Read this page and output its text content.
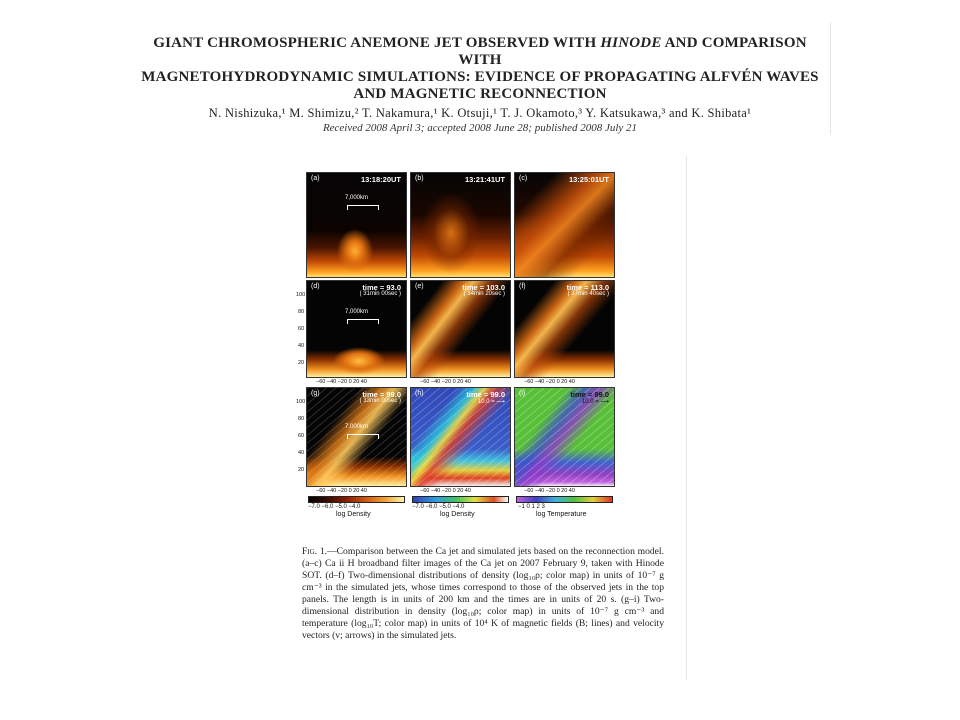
GIANT CHROMOSPHERIC ANEMONE JET OBSERVED WITH HINODE AND COMPARISON WITH
MAGNETOHYDRODYNAMIC SIMULATIONS: EVIDENCE OF PROPAGATING ALFVÉN WAVES
AND MAGNETIC RECONNECTION
N. Nishizuka,¹ M. Shimizu,² T. Nakamura,¹ K. Otsuji,¹ T. J. Okamoto,³ Y. Katsukawa,³ and K. Shibata¹
Received 2008 April 3; accepted 2008 June 28; published 2008 July 21
(a)	13:18:20UT
7,000km
(b)	13:21:41UT (c)	13:25:01UT
100
80
60
40
20
(d)	time = 93.0
( 31min 00sec )
7,000km
(e)	time = 103.0
( 34min 20sec )
(f)	time = 113.0
( 37min 40sec )
−60 −40 −20 0 20 40	−60 −40 −20 0 20 40	−60 −40 −20 0 20 40
100
80
60
40
20
(g)	time = 99.0
( 33min 00sec )
7,000km
(h)	time = 99.0
10.0 = ⟶
(i)	time = 99.0
10.0 = ⟶
−60 −40 −20 0 20 40	−60 −40 −20 0 20 40	−60 −40 −20 0 20 40
−7.0 −6.0 −5.0 −4.0
log Density
−7.0 −6.0 −5.0 −4.0
log Density
−1 0 1 2 3
log Temperature
Fig. 1.—Comparison between the Ca jet and simulated jets based on the reconnection model. (a–c) Ca ii H broadband filter images of the Ca jet on 2007 February 9, taken with Hinode SOT. (d–f) Two-dimensional distributions of density (log₁₀ρ; color map) in units of 10⁻⁷ g cm⁻³ in the simulated jets, whose times correspond to those of the observed jets in the top panels. The length is in units of 200 km and the times are in units of 20 s. (g–i) Two-dimensional distribution in density (log₁₀ρ; color map) in units of 10⁻⁷ g cm⁻³ and temperature (log₁₀T; color map) in units of 10⁴ K of magnetic fields (B; lines) and velocity vectors (v; arrows) in the simulated jets.
